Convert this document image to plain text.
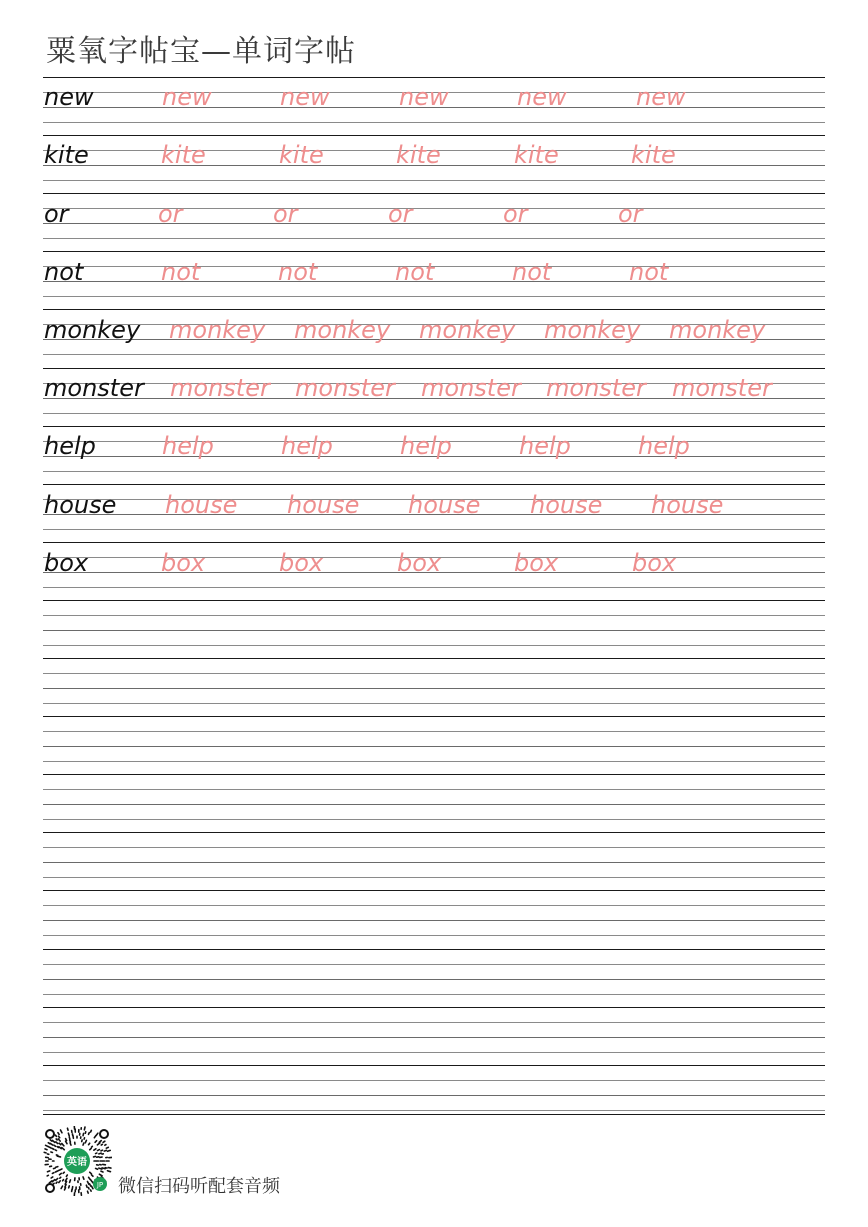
粟氧字帖宝—单词字帖
new	new	new	new	new	new
kite	kite	kite	kite	kite	kite
or	or	or	or	or	or
not	not	not	not	not	not
monkey monkey monkey monkey monkey monkey
monster monster monster monster monster monster
help	help	help	help	help	help
house house house house house house
box	box	box	box	box	box
英语
JP 微信扫码听配套音频
